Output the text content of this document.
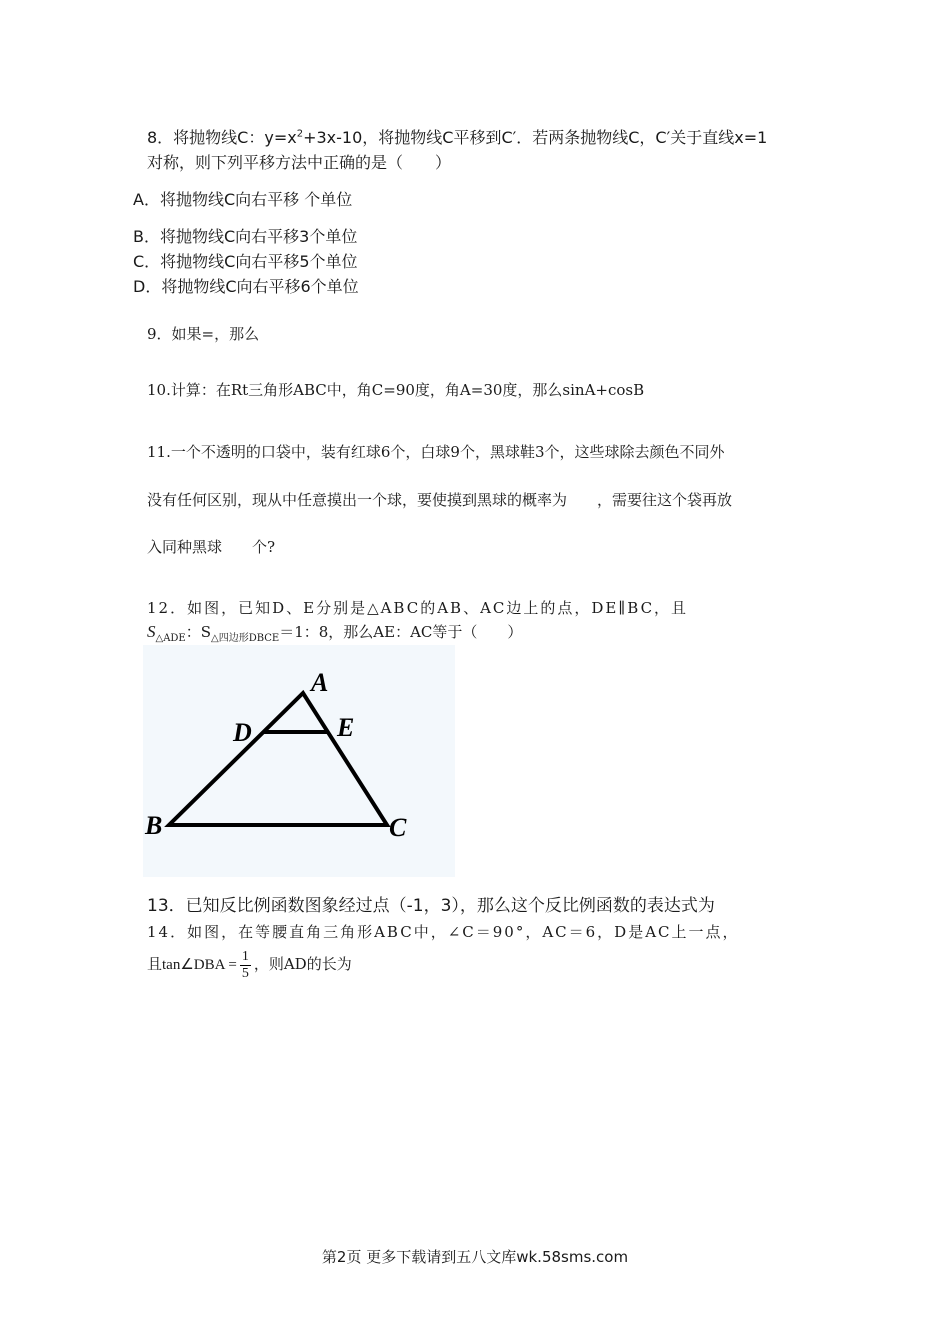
8．将抛物线C：$y=x^2+3x-10$，将抛物线C平移到C′．若两条抛物线C，C′关于直线x=1
对称，则下列平移方法中正确的是（　　）
A．将抛物线C向右平移 个单位
B．将抛物线C向右平移3个单位
C．将抛物线C向右平移5个单位
D．将抛物线C向右平移6个单位
9．如果=，那么
10.计算：在Rt三角形ABC中，角C=90度，角A=30度，那么sinA+cosB
11.一个不透明的口袋中，装有红球6个，白球9个，黑球鞋3个，这些球除去颜色不同外
没有任何区别，现从中任意摸出一个球，要使摸到黑球的概率为　　，需要往这个袋再放
入同种黑球　　个?
12．如图，已知D、E分别是△ABC的AB、AC边上的点，DE∥BC，且
$S_{\triangle ADE}$：$S_{\triangle 四边形DBCE}=1$：8，那么AE：AC等于（　　）
A
D	E
B	C
13．已知反比例函数图象经过点（-1，3），那么这个反比例函数的表达式为
14．如图，在等腰直角三角形ABC中，∠C＝90°，AC＝6，D是AC上一点，
且tan∠DBA = $\frac{1}{5}$ ，则AD的长为
第2页 更多下载请到五八文库wk.58sms.com
